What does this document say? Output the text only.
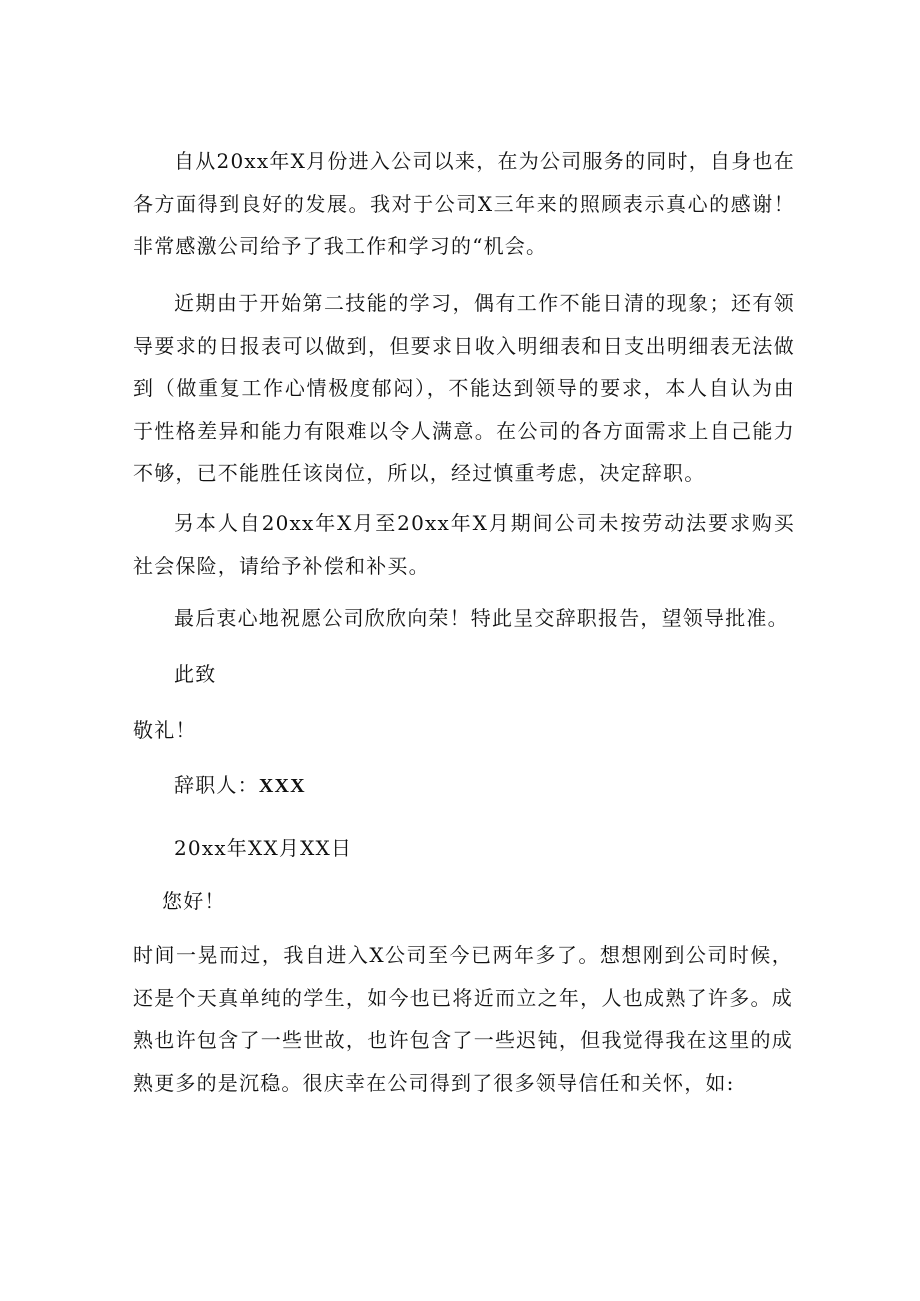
自从20xx年X月份进入公司以来，在为公司服务的同时，自身也在各方面得到良好的发展。我对于公司X三年来的照顾表示真心的感谢！非常感激公司给予了我工作和学习的“机会。

近期由于开始第二技能的学习，偶有工作不能日清的现象；还有领导要求的日报表可以做到，但要求日收入明细表和日支出明细表无法做到（做重复工作心情极度郁闷），不能达到领导的要求，本人自认为由于性格差异和能力有限难以令人满意。在公司的各方面需求上自己能力不够，已不能胜任该岗位，所以，经过慎重考虑，决定辞职。

另本人自20xx年X月至20xx年X月期间公司未按劳动法要求购买社会保险，请给予补偿和补买。

最后衷心地祝愿公司欣欣向荣！特此呈交辞职报告，望领导批准。

此致

敬礼！

辞职人：XXX

20xx年XX月XX日

您好！

时间一晃而过，我自进入X公司至今已两年多了。想想刚到公司时候，还是个天真单纯的学生，如今也已将近而立之年，人也成熟了许多。成熟也许包含了一些世故，也许包含了一些迟钝，但我觉得我在这里的成熟更多的是沉稳。很庆幸在公司得到了很多领导信任和关怀，如:
